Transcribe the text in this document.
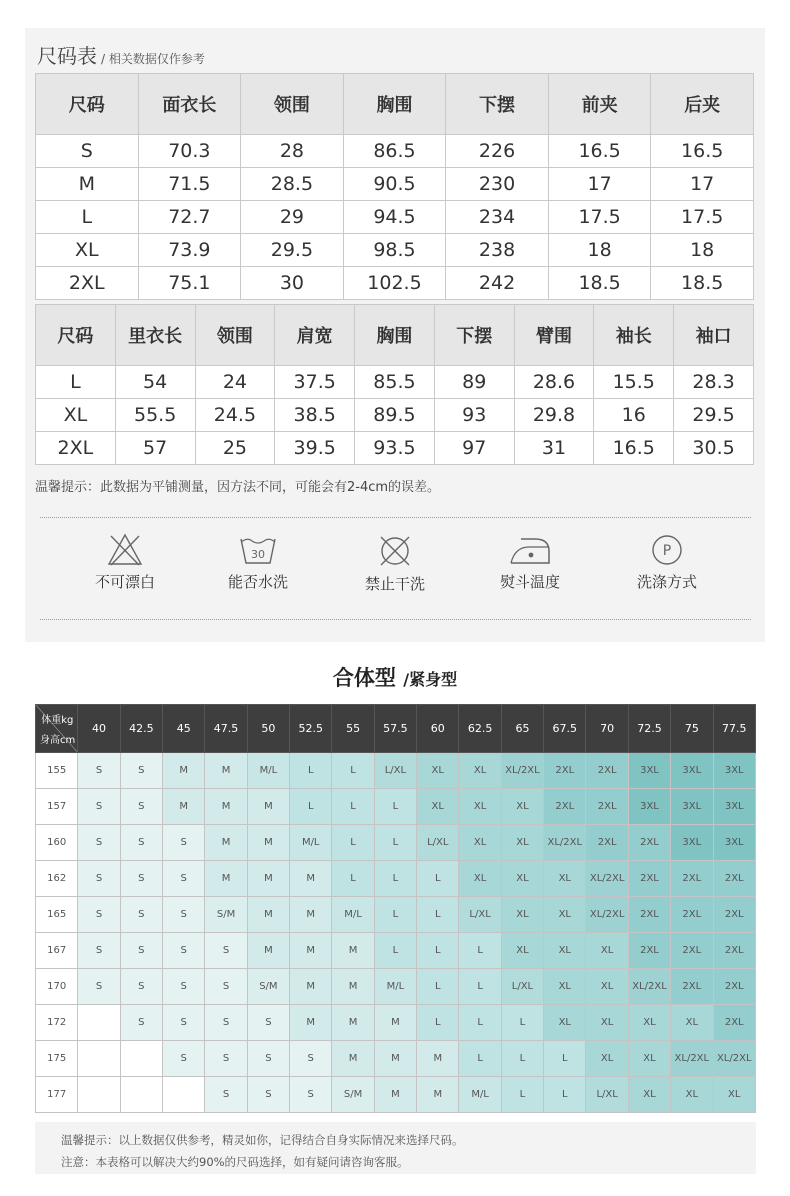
尺码表 / 相关数据仅作参考
尺码	面衣长	领围	胸围	下摆	前夹	后夹
S	70.3	28	86.5	226	16.5	16.5
M	71.5	28.5	90.5	230	17	17
L	72.7	29	94.5	234	17.5	17.5
XL	73.9	29.5	98.5	238	18	18
2XL	75.1	30	102.5	242	18.5	18.5
尺码	里衣长	领围	肩宽	胸围	下摆	臂围	袖长	袖口
L	54	24	37.5	85.5	89	28.6	15.5	28.3
XL	55.5	24.5	38.5	89.5	93	29.8	16	29.5
2XL	57	25	39.5	93.5	97	31	16.5	30.5
温馨提示：此数据为平铺测量，因方法不同，可能会有2-4cm的误差。
不可漂白
30
能否水洗	禁止干洗	熨斗温度
P
洗涤方式
合体型 /紧身型
体重kg
身高cm	40	42.5	45	47.5	50	52.5	55	57.5	60	62.5	65	67.5	70	72.5	75	77.5
155	S	S	M	M	M/L	L	L	L/XL	XL	XL	XL/2XL	2XL	2XL	3XL	3XL	3XL
157	S	S	M	M	M	L	L	L	XL	XL	XL	2XL	2XL	3XL	3XL	3XL
160	S	S	S	M	M	M/L	L	L	L/XL	XL	XL	XL/2XL	2XL	2XL	3XL	3XL
162	S	S	S	M	M	M	L	L	L	XL	XL	XL	XL/2XL	2XL	2XL	2XL
165	S	S	S	S/M	M	M	M/L	L	L	L/XL	XL	XL	XL/2XL	2XL	2XL	2XL
167	S	S	S	S	M	M	M	L	L	L	XL	XL	XL	2XL	2XL	2XL
170	S	S	S	S	S/M	M	M	M/L	L	L	L/XL	XL	XL	XL/2XL	2XL	2XL
172		S	S	S	S	M	M	M	L	L	L	XL	XL	XL	XL	2XL
175			S	S	S	S	M	M	M	L	L	L	XL	XL	XL/2XL	XL/2XL
177				S	S	S	S/M	M	M	M/L	L	L	L/XL	XL	XL	XL
温馨提示：以上数据仅供参考，精灵如你，记得结合自身实际情况来选择尺码。
注意：本表格可以解决大约90%的尺码选择，如有疑问请咨询客服。
